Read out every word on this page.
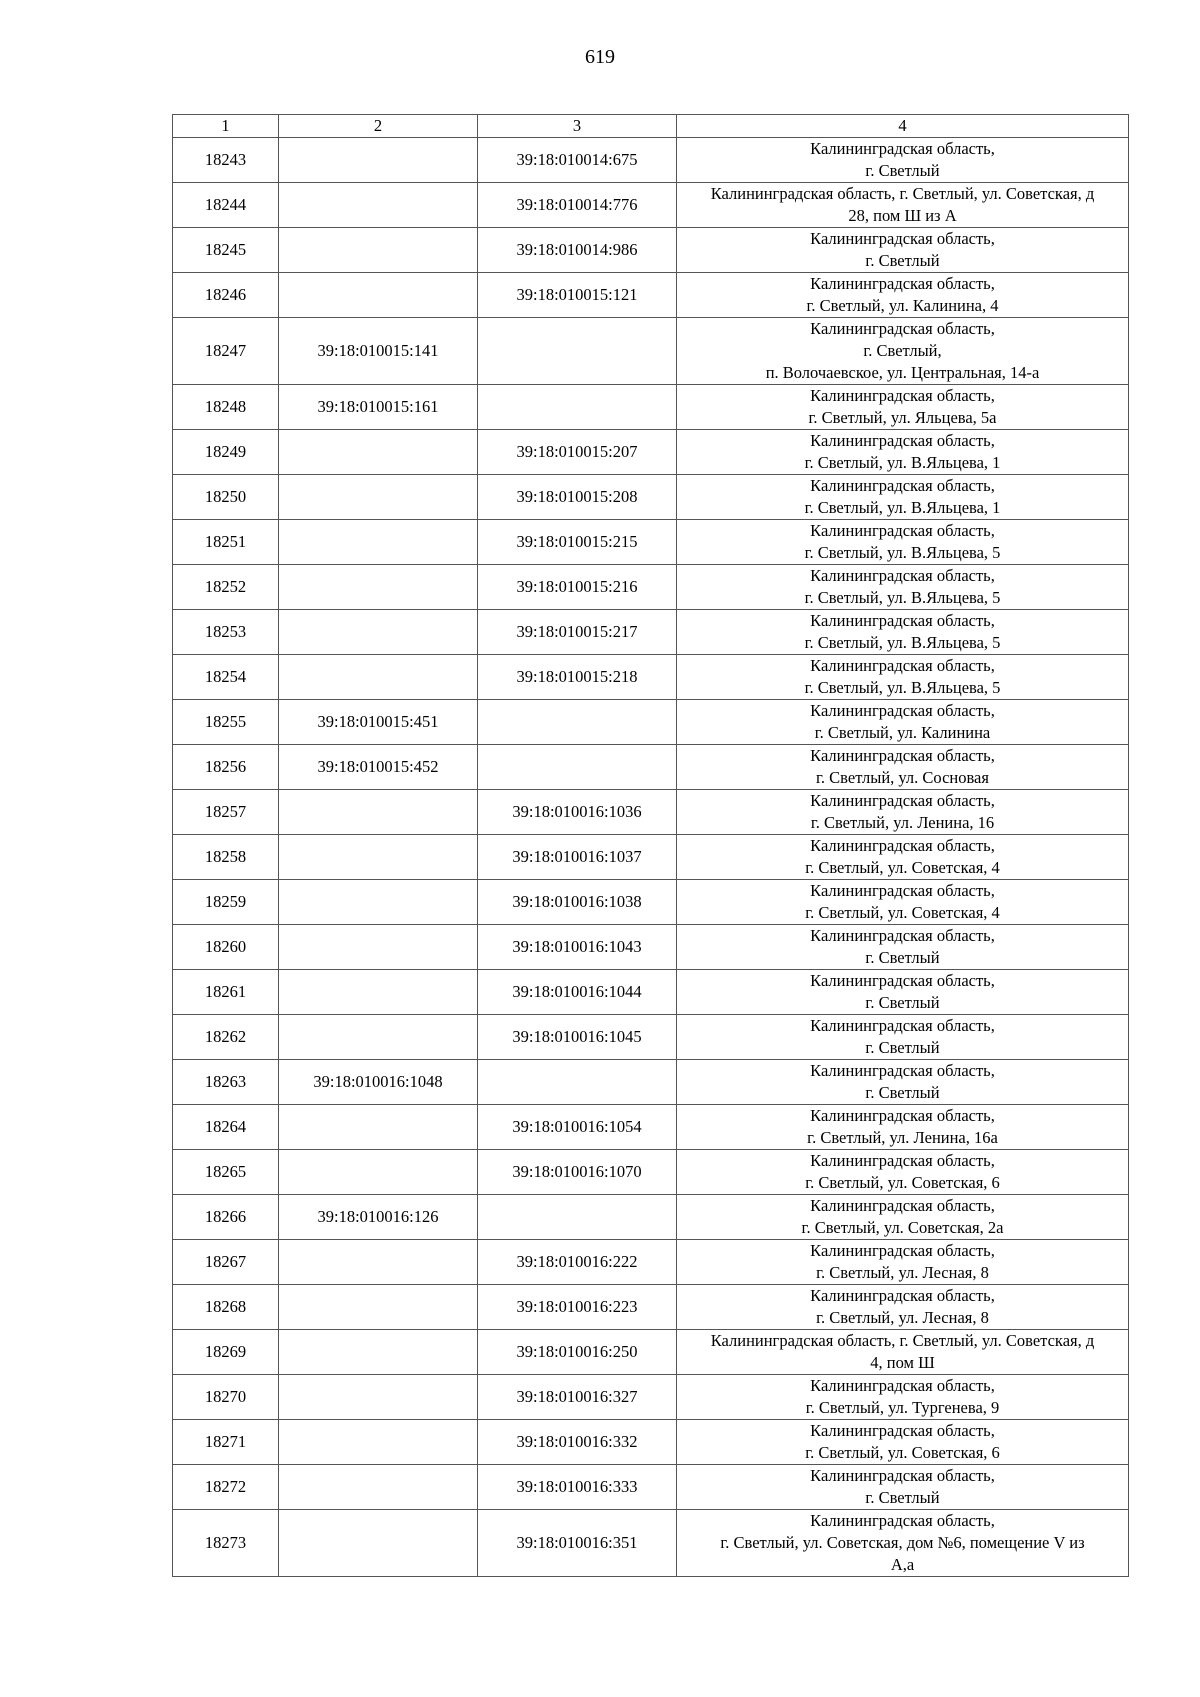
619
1	2	3	4
18243		39:18:010014:675	Калининградская область,
г. Светлый
18244		39:18:010014:776	Калининградская область, г. Светлый, ул. Советская, д
28, пом Ш из А
18245		39:18:010014:986	Калининградская область,
г. Светлый
18246		39:18:010015:121	Калининградская область,
г. Светлый, ул. Калинина, 4
18247	39:18:010015:141		Калининградская область,
г. Светлый,
п. Волочаевское, ул. Центральная, 14-а
18248	39:18:010015:161		Калининградская область,
г. Светлый, ул. Яльцева, 5а
18249		39:18:010015:207	Калининградская область,
г. Светлый, ул. В.Яльцева, 1
18250		39:18:010015:208	Калининградская область,
г. Светлый, ул. В.Яльцева, 1
18251		39:18:010015:215	Калининградская область,
г. Светлый, ул. В.Яльцева, 5
18252		39:18:010015:216	Калининградская область,
г. Светлый, ул. В.Яльцева, 5
18253		39:18:010015:217	Калининградская область,
г. Светлый, ул. В.Яльцева, 5
18254		39:18:010015:218	Калининградская область,
г. Светлый, ул. В.Яльцева, 5
18255	39:18:010015:451		Калининградская область,
г. Светлый, ул. Калинина
18256	39:18:010015:452		Калининградская область,
г. Светлый, ул. Сосновая
18257		39:18:010016:1036	Калининградская область,
г. Светлый, ул. Ленина, 16
18258		39:18:010016:1037	Калининградская область,
г. Светлый, ул. Советская, 4
18259		39:18:010016:1038	Калининградская область,
г. Светлый, ул. Советская, 4
18260		39:18:010016:1043	Калининградская область,
г. Светлый
18261		39:18:010016:1044	Калининградская область,
г. Светлый
18262		39:18:010016:1045	Калининградская область,
г. Светлый
18263	39:18:010016:1048		Калининградская область,
г. Светлый
18264		39:18:010016:1054	Калининградская область,
г. Светлый, ул. Ленина, 16а
18265		39:18:010016:1070	Калининградская область,
г. Светлый, ул. Советская, 6
18266	39:18:010016:126		Калининградская область,
г. Светлый, ул. Советская, 2а
18267		39:18:010016:222	Калининградская область,
г. Светлый, ул. Лесная, 8
18268		39:18:010016:223	Калининградская область,
г. Светлый, ул. Лесная, 8
18269		39:18:010016:250	Калининградская область, г. Светлый, ул. Советская, д
4, пом Ш
18270		39:18:010016:327	Калининградская область,
г. Светлый, ул. Тургенева, 9
18271		39:18:010016:332	Калининградская область,
г. Светлый, ул. Советская, 6
18272		39:18:010016:333	Калининградская область,
г. Светлый
18273		39:18:010016:351	Калининградская область,
г. Светлый, ул. Советская, дом №6, помещение V из
А,а
